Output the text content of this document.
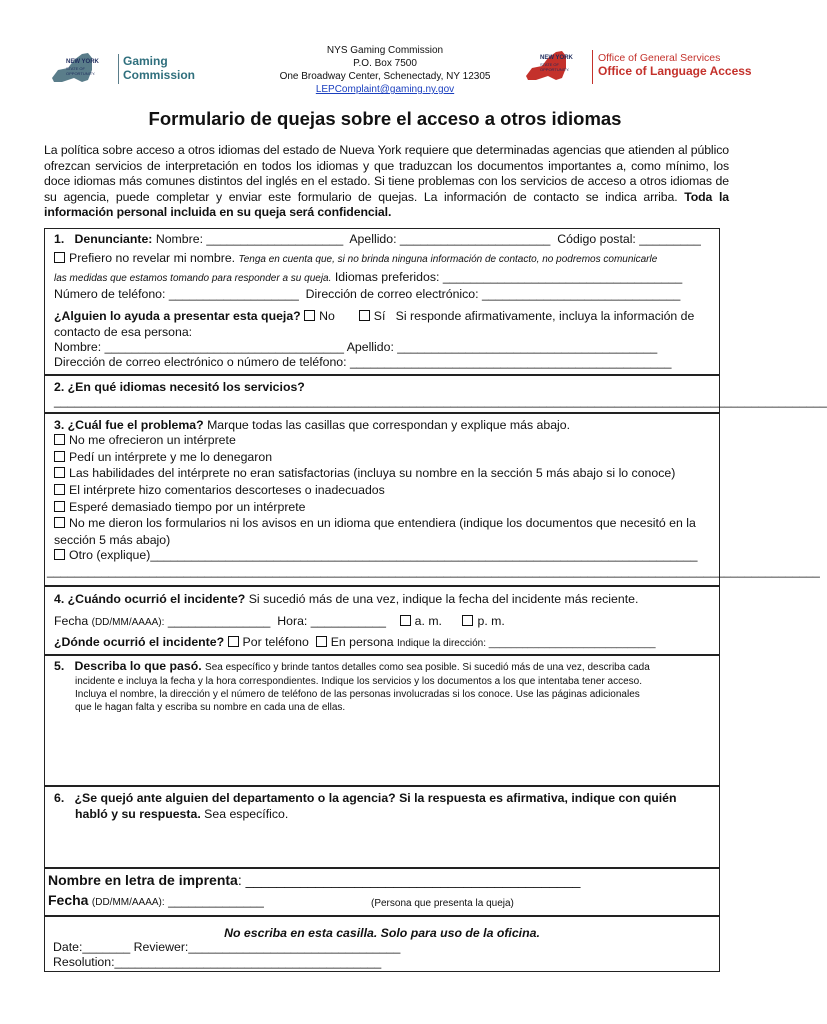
NEW YORK
STATE OF OPPORTUNITY.
Gaming
Commission
NYS Gaming Commission
P.O. Box 7500
One Broadway Center, Schenectady, NY 12305
LEPComplaint@gaming.ny.gov
NEW YORK
STATE OF OPPORTUNITY.
Office of General Services
Office of Language Access
Formulario de quejas sobre el acceso a otros idiomas
La política sobre acceso a otros idiomas del estado de Nueva York requiere que determinadas agencias que atienden al público ofrezcan servicios de interpretación en todos los idiomas y que traduzcan los documentos importantes a, como mínimo, los doce idiomas más comunes distintos del inglés en el estado. Si tiene problemas con los servicios de acceso a otros idiomas de su agencia, puede completar y enviar este formulario de quejas. La información de contacto se indica arriba. Toda la información personal incluida en su queja será confidencial.
1. Denunciante: Nombre: ____________________ Apellido: ______________________ Código postal: _________
Prefiero no revelar mi nombre. Tenga en cuenta que, si no brinda ninguna información de contacto, no podremos comunicarle
las medidas que estamos tomando para responder a su queja. Idiomas preferidos: ___________________________________
Número de teléfono: ___________________ Dirección de correo electrónico: _____________________________
¿Alguien lo ayuda a presentar esta queja? No	Sí Si responde afirmativamente, incluya la información de
contacto de esa persona:
Nombre: ___________________________________ Apellido: ______________________________________
Dirección de correo electrónico o número de teléfono: _______________________________________________
2. ¿En qué idiomas necesitó los servicios?
_________________________________________________________________________________________________________________
3. ¿Cuál fue el problema? Marque todas las casillas que correspondan y explique más abajo.
No me ofrecieron un intérprete
Pedí un intérprete y me lo denegaron
Las habilidades del intérprete no eran satisfactorias (incluya su nombre en la sección 5 más abajo si lo conoce)
El intérprete hizo comentarios descorteses o inadecuados
Esperé demasiado tiempo por un intérprete
No me dieron los formularios ni los avisos en un idioma que entendiera (indique los documentos que necesitó en la
sección 5 más abajo)
Otro (explique)________________________________________________________________________________
_________________________________________________________________________________________________________________
4. ¿Cuándo ocurrió el incidente? Si sucedió más de una vez, indique la fecha del incidente más reciente.
Fecha (DD/MM/AAAA): _______________ Hora: ___________ a. m.	p. m.
¿Dónde ocurrió el incidente? Por teléfono En persona Indique la dirección: ______________________________
5. Describa lo que pasó. Sea específico y brinde tantos detalles como sea posible. Si sucedió más de una vez, describa cada
incidente e incluya la fecha y la hora correspondientes. Indique los servicios y los documentos a los que intentaba tener acceso.
Incluya el nombre, la dirección y el número de teléfono de las personas involucradas si los conoce. Use las páginas adicionales
que le hagan falta y escriba su nombre en cada una de ellas.
6. ¿Se quejó ante alguien del departamento o la agencia? Si la respuesta es afirmativa, indique con quién
habló y su respuesta. Sea específico.
Nombre en letra de imprenta: ___________________________________________
Fecha (DD/MM/AAAA): ______________	(Persona que presenta la queja)
No escriba en esta casilla. Solo para uso de la oficina.
Date:_______ Reviewer:_______________________________
Resolution:_______________________________________
